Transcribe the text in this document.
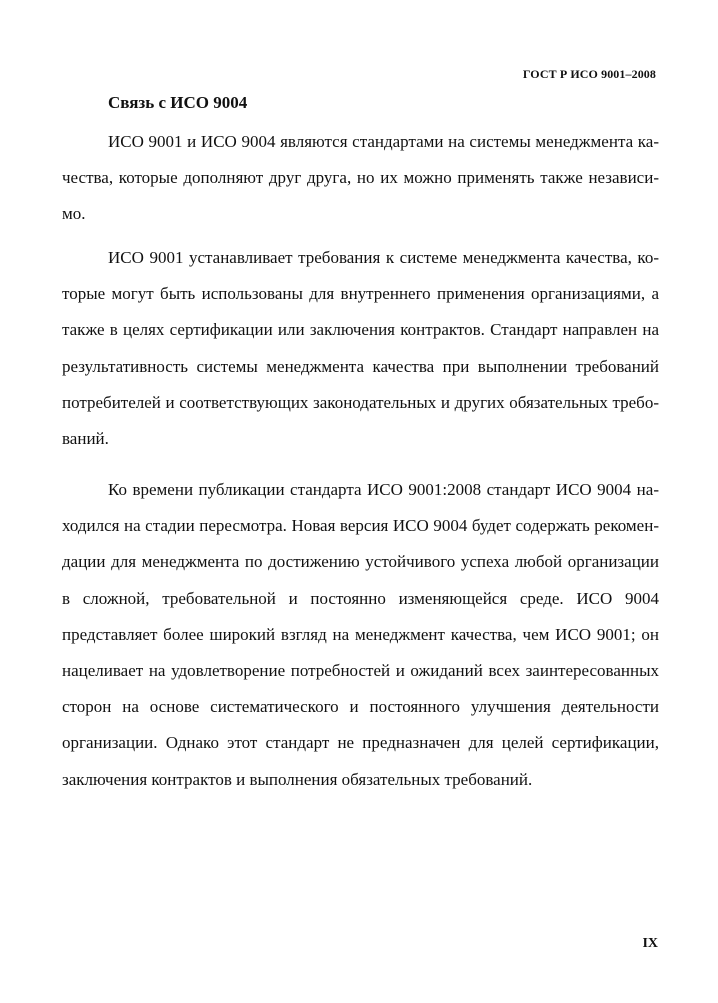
ГОСТ Р ИСО 9001–2008
Связь с ИСО 9004

ИСО 9001 и ИСО 9004 являются стандартами на системы менеджмента качества, которые дополняют друг друга, но их можно применять также независимо.

ИСО 9001 устанавливает требования к системе менеджмента качества, которые могут быть использованы для внутреннего применения организациями, а также в целях сертификации или заключения контрактов. Стандарт направлен на результативность системы менеджмента качества при выполнении требований потребителей и соответствующих законодательных и других обязательных требований.

Ко времени публикации стандарта ИСО 9001:2008 стандарт ИСО 9004 находился на стадии пересмотра. Новая версия ИСО 9004 будет содержать рекомендации для менеджмента по достижению устойчивого успеха любой организации в сложной, требовательной и постоянно изменяющейся среде. ИСО 9004 представляет более широкий взгляд на менеджмент качества, чем ИСО 9001; он нацеливает на удовлетворение потребностей и ожиданий всех заинтересованных сторон на основе систематического и постоянного улучшения деятельности организации. Однако этот стандарт не предназначен для целей сертификации, заключения контрактов и выполнения обязательных требований.

IX
